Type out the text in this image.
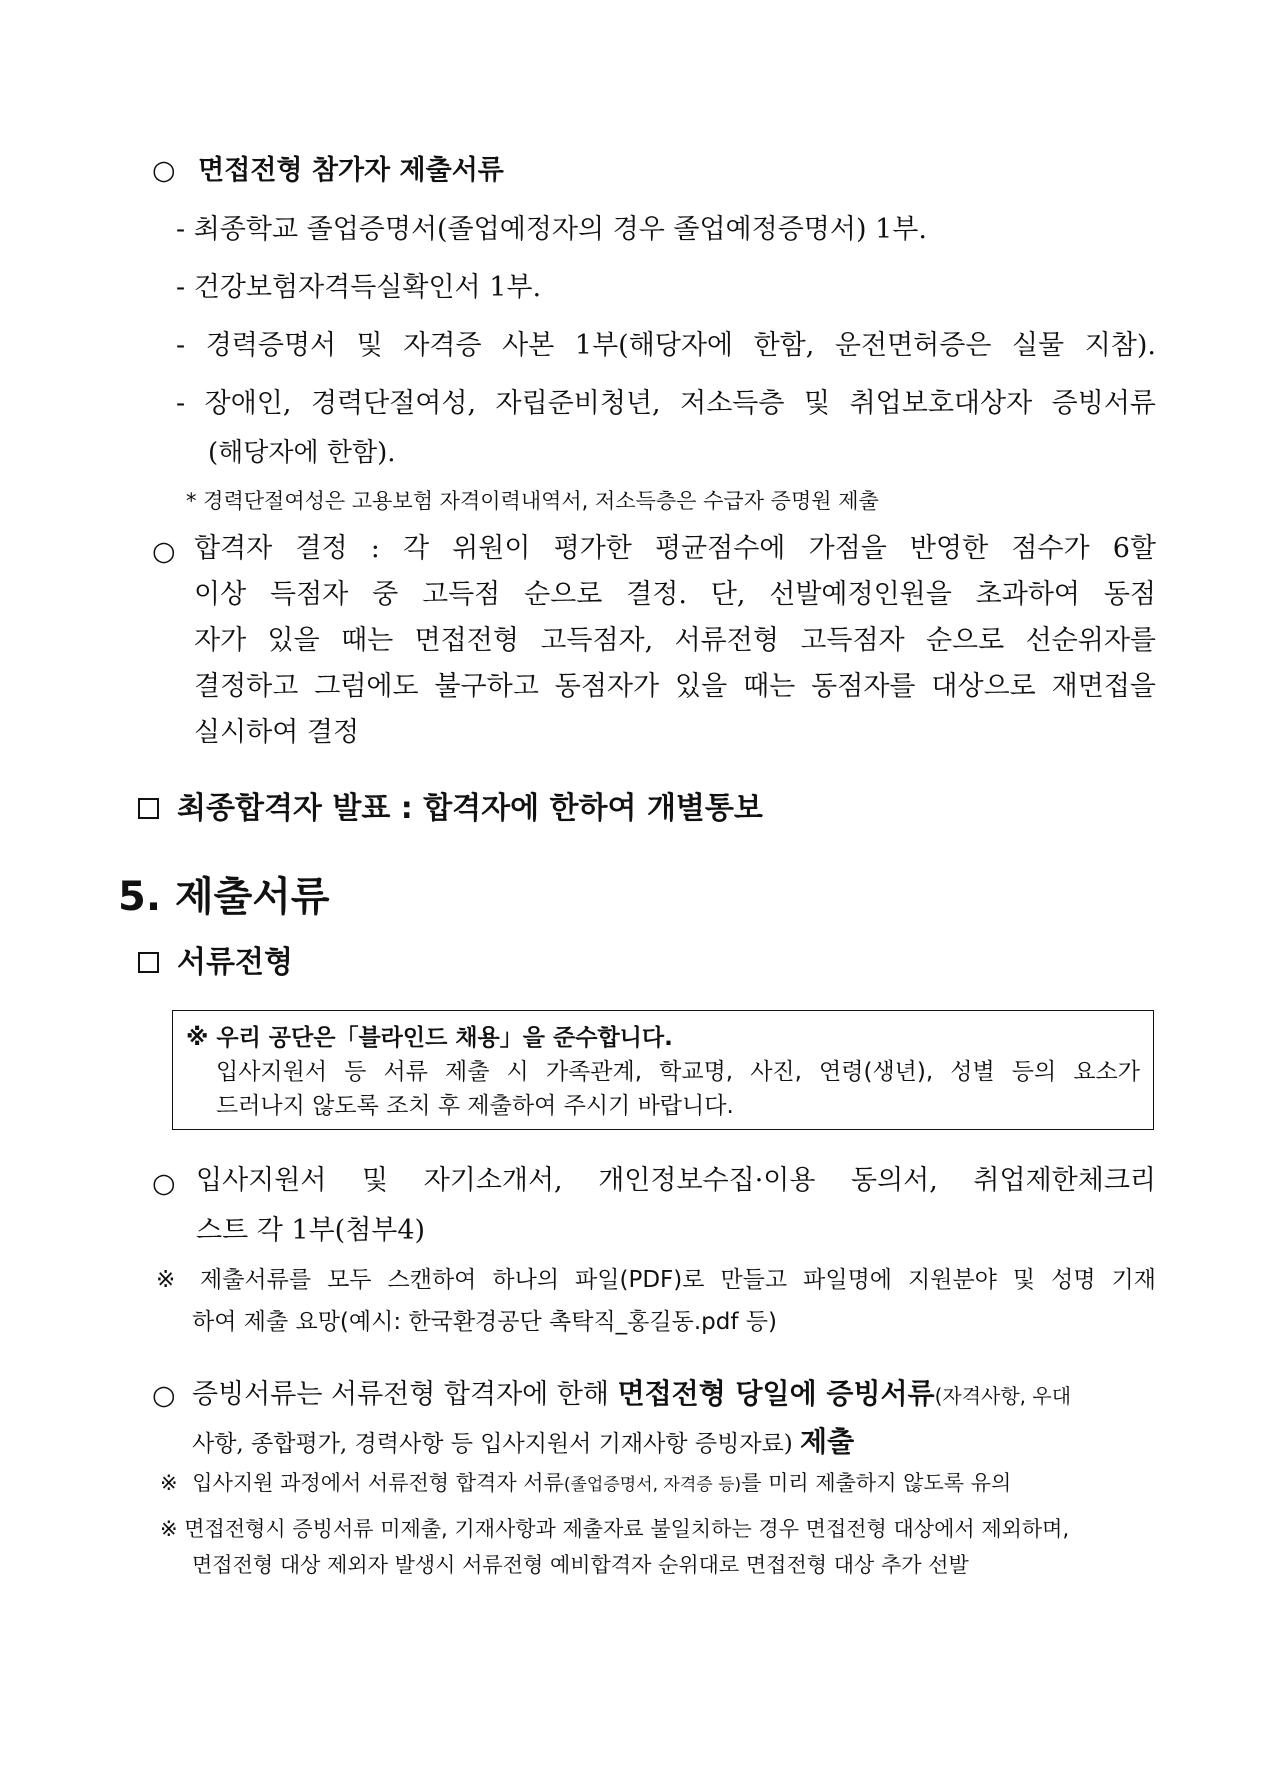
○ 면접전형 참가자 제출서류
- 최종학교 졸업증명서(졸업예정자의 경우 졸업예정증명서) 1부.
- 건강보험자격득실확인서 1부.
- 경력증명서 및 자격증 사본 1부(해당자에 한함, 운전면허증은 실물 지참).
- 장애인, 경력단절여성, 자립준비청년, 저소득층 및 취업보호대상자 증빙서류
(해당자에 한함).
* 경력단절여성은 고용보험 자격이력내역서, 저소득층은 수급자 증명원 제출
○ 합격자 결정 : 각 위원이 평가한 평균점수에 가점을 반영한 점수가 6할
이상 득점자 중 고득점 순으로 결정. 단, 선발예정인원을 초과하여 동점
자가 있을 때는 면접전형 고득점자, 서류전형 고득점자 순으로 선순위자를
결정하고 그럼에도 불구하고 동점자가 있을 때는 동점자를 대상으로 재면접을
실시하여 결정
최종합격자 발표 : 합격자에 한하여 개별통보
5. 제출서류
서류전형
※ 우리 공단은「블라인드 채용」을 준수합니다.
입사지원서 등 서류 제출 시 가족관계, 학교명, 사진, 연령(생년), 성별 등의 요소가
드러나지 않도록 조치 후 제출하여 주시기 바랍니다.
○ 입사지원서 및 자기소개서, 개인정보수집·이용 동의서, 취업제한체크리
스트 각 1부(첨부4)
※ 제출서류를 모두 스캔하여 하나의 파일(PDF)로 만들고 파일명에 지원분야 및 성명 기재
하여 제출 요망(예시: 한국환경공단 촉탁직_홍길동.pdf 등)
○ 증빙서류는 서류전형 합격자에 한해 면접전형 당일에 증빙서류(자격사항, 우대
사항, 종합평가, 경력사항 등 입사지원서 기재사항 증빙자료) 제출
※ 입사지원 과정에서 서류전형 합격자 서류(졸업증명서, 자격증 등)를 미리 제출하지 않도록 유의
※ 면접전형시 증빙서류 미제출, 기재사항과 제출자료 불일치하는 경우 면접전형 대상에서 제외하며,
면접전형 대상 제외자 발생시 서류전형 예비합격자 순위대로 면접전형 대상 추가 선발
